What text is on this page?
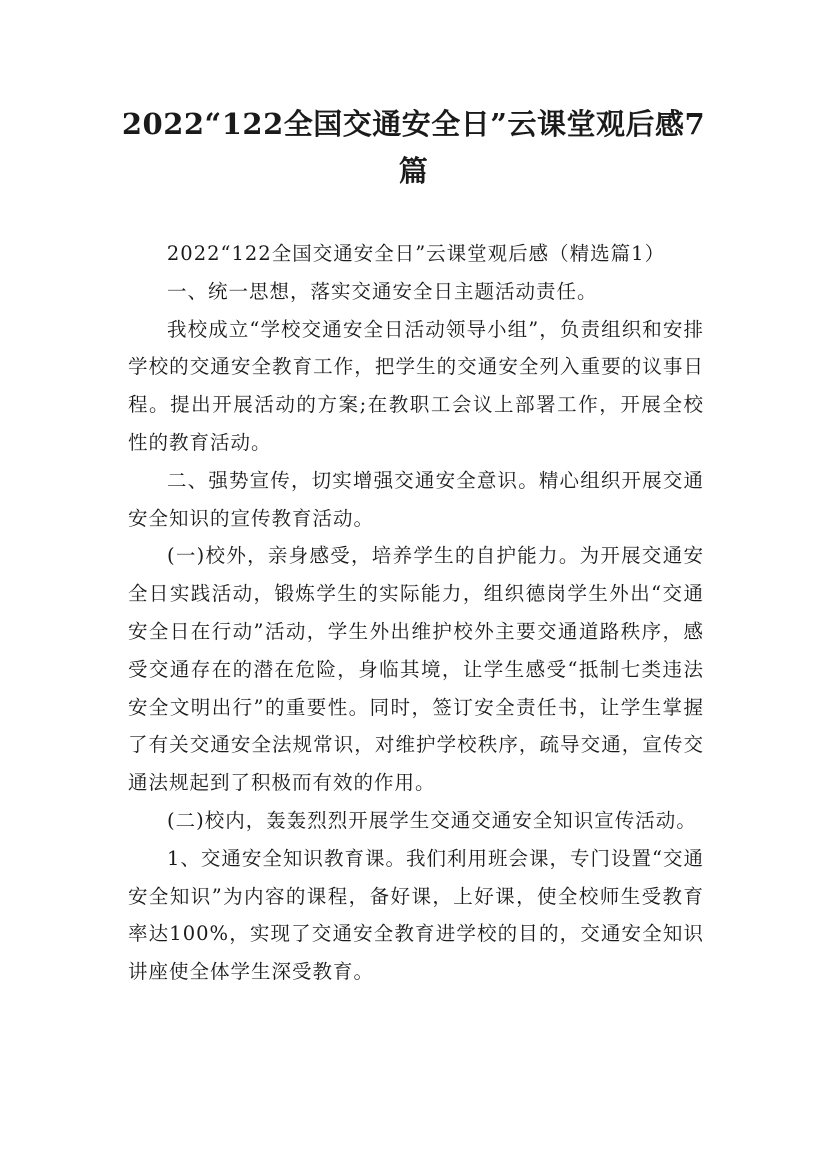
2022“122全国交通安全日”云课堂观后感7篇

2022“122全国交通安全日”云课堂观后感（精选篇1）

一、统一思想，落实交通安全日主题活动责任。

我校成立“学校交通安全日活动领导小组”，负责组织和安排学校的交通安全教育工作，把学生的交通安全列入重要的议事日程。提出开展活动的方案;在教职工会议上部署工作，开展全校性的教育活动。

二、强势宣传，切实增强交通安全意识。精心组织开展交通安全知识的宣传教育活动。

(一)校外，亲身感受，培养学生的自护能力。为开展交通安全日实践活动，锻炼学生的实际能力，组织德岗学生外出“交通安全日在行动”活动，学生外出维护校外主要交通道路秩序，感受交通存在的潜在危险，身临其境，让学生感受“抵制七类违法安全文明出行”的重要性。同时，签订安全责任书，让学生掌握了有关交通安全法规常识，对维护学校秩序，疏导交通，宣传交通法规起到了积极而有效的作用。

(二)校内，轰轰烈烈开展学生交通交通安全知识宣传活动。

1、交通安全知识教育课。我们利用班会课，专门设置“交通安全知识”为内容的课程，备好课，上好课，使全校师生受教育率达100%，实现了交通安全教育进学校的目的，交通安全知识讲座使全体学生深受教育。
